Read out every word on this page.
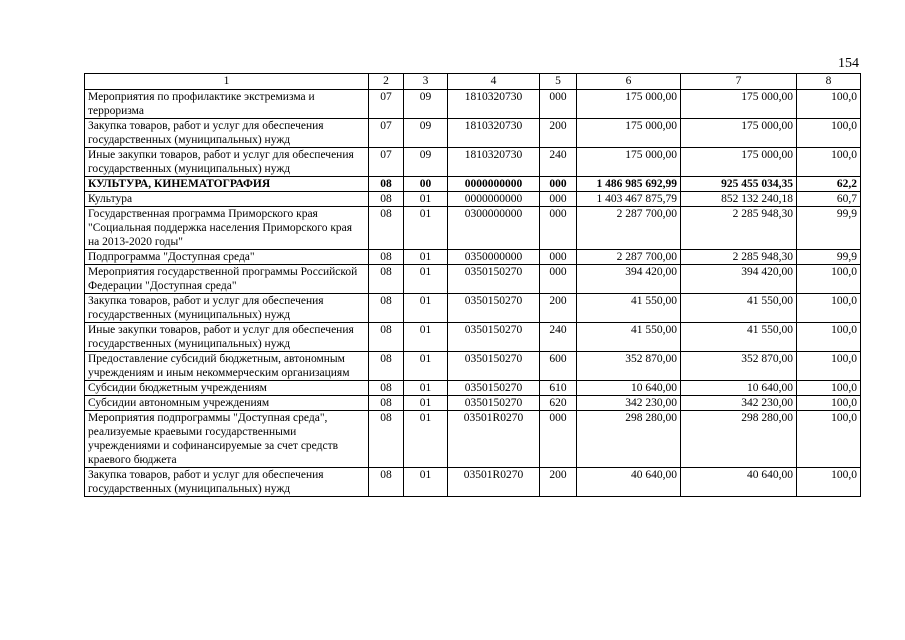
154
1	2	3	4	5	6	7	8
Мероприятия по профилактике экстремизма и терроризма	07	09	1810320730	000	175 000,00	175 000,00	100,0
Закупка товаров, работ и услуг для обеспечения государственных (муниципальных) нужд	07	09	1810320730	200	175 000,00	175 000,00	100,0
Иные закупки товаров, работ и услуг для обеспечения государственных (муниципальных) нужд	07	09	1810320730	240	175 000,00	175 000,00	100,0
КУЛЬТУРА, КИНЕМАТОГРАФИЯ	08	00	0000000000	000	1 486 985 692,99	925 455 034,35	62,2
Культура	08	01	0000000000	000	1 403 467 875,79	852 132 240,18	60,7
Государственная программа Приморского края "Социальная поддержка населения Приморского края на 2013-2020 годы"	08	01	0300000000	000	2 287 700,00	2 285 948,30	99,9
Подпрограмма "Доступная среда"	08	01	0350000000	000	2 287 700,00	2 285 948,30	99,9
Мероприятия государственной программы Российской Федерации "Доступная среда"	08	01	0350150270	000	394 420,00	394 420,00	100,0
Закупка товаров, работ и услуг для обеспечения государственных (муниципальных) нужд	08	01	0350150270	200	41 550,00	41 550,00	100,0
Иные закупки товаров, работ и услуг для обеспечения государственных (муниципальных) нужд	08	01	0350150270	240	41 550,00	41 550,00	100,0
Предоставление субсидий бюджетным, автономным учреждениям и иным некоммерческим организациям	08	01	0350150270	600	352 870,00	352 870,00	100,0
Субсидии бюджетным учреждениям	08	01	0350150270	610	10 640,00	10 640,00	100,0
Субсидии автономным учреждениям	08	01	0350150270	620	342 230,00	342 230,00	100,0
Мероприятия подпрограммы "Доступная среда", реализуемые краевыми государственными учреждениями и софинансируемые за счет средств краевого бюджета	08	01	03501R0270	000	298 280,00	298 280,00	100,0
Закупка товаров, работ и услуг для обеспечения государственных (муниципальных) нужд	08	01	03501R0270	200	40 640,00	40 640,00	100,0
